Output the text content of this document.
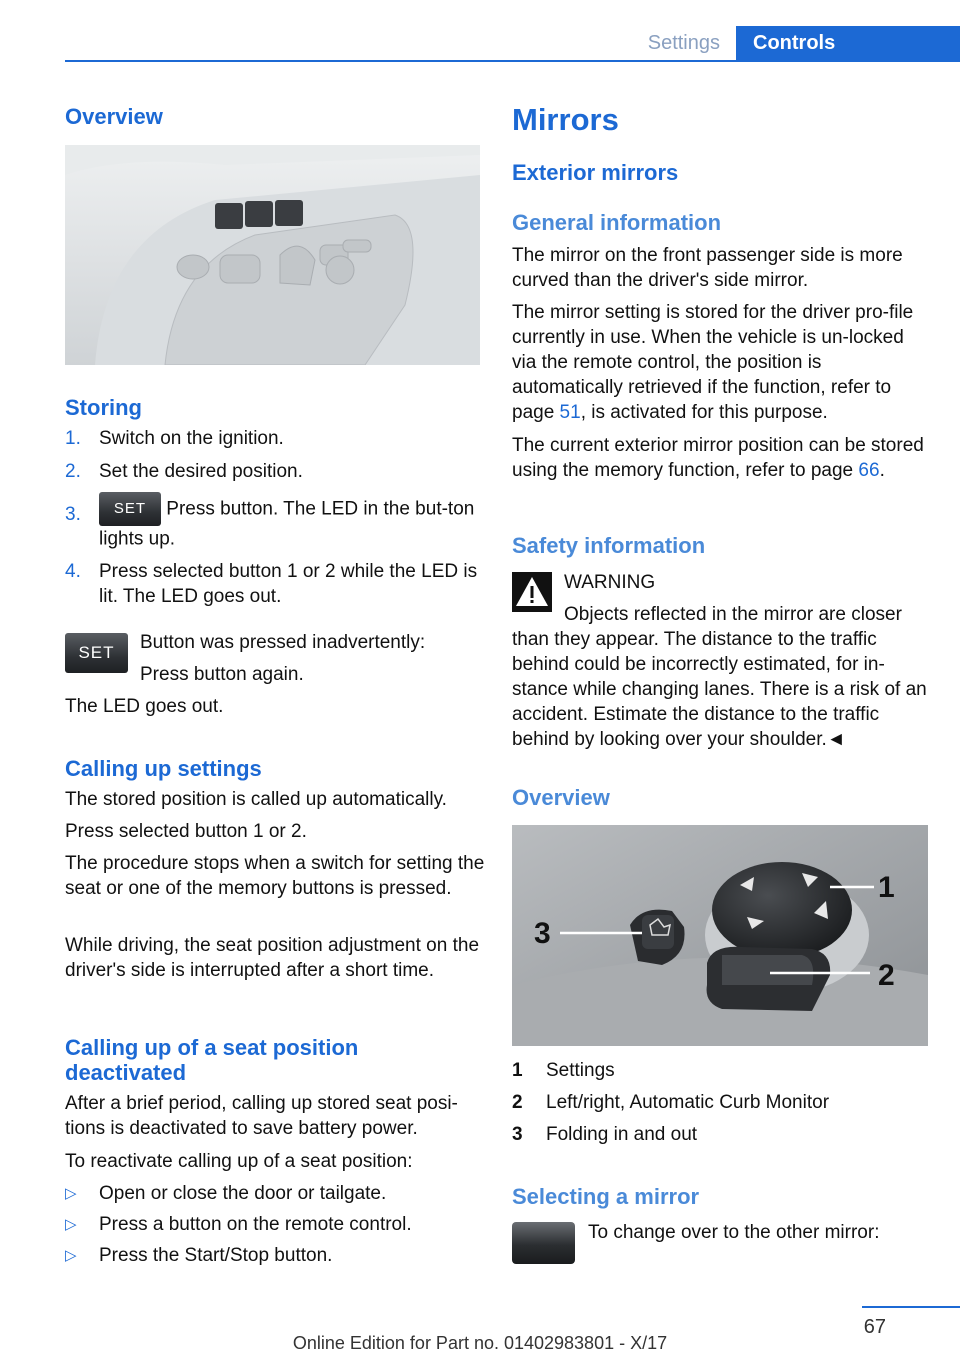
Settings	Controls
Overview
Storing
1. Switch on the ignition.
2. Set the desired position.
3. SET Press button. The LED in the but-ton lights up.
4. Press selected button 1 or 2 while the LED is lit. The LED goes out.
SET	Button was pressed inadvertently:
Press button again.
The LED goes out.
Calling up settings
The stored position is called up automatically.
Press selected button 1 or 2.
The procedure stops when a switch for setting the seat or one of the memory buttons is pressed.
While driving, the seat position adjustment on the driver's side is interrupted after a short time.
Calling up of a seat position deactivated
After a brief period, calling up stored seat posi-tions is deactivated to save battery power.
To reactivate calling up of a seat position:
▷ Open or close the door or tailgate.
▷ Press a button on the remote control.
▷ Press the Start/Stop button.
Mirrors
Exterior mirrors
General information
The mirror on the front passenger side is more curved than the driver's side mirror.
The mirror setting is stored for the driver pro-file currently in use. When the vehicle is un-locked via the remote control, the position is automatically retrieved if the function, refer to page 51, is activated for this purpose.
The current exterior mirror position can be stored using the memory function, refer to page 66.
Safety information
WARNING
Objects reflected in the mirror are closer
than they appear. The distance to the traffic behind could be incorrectly estimated, for in-stance while changing lanes. There is a risk of an accident. Estimate the distance to the traffic behind by looking over your shoulder.◄
Overview
1
2
3
1 Settings
2 Left/right, Automatic Curb Monitor
3 Folding in and out
Selecting a mirror
To change over to the other mirror:
67
Online Edition for Part no. 01402983801 - X/17
